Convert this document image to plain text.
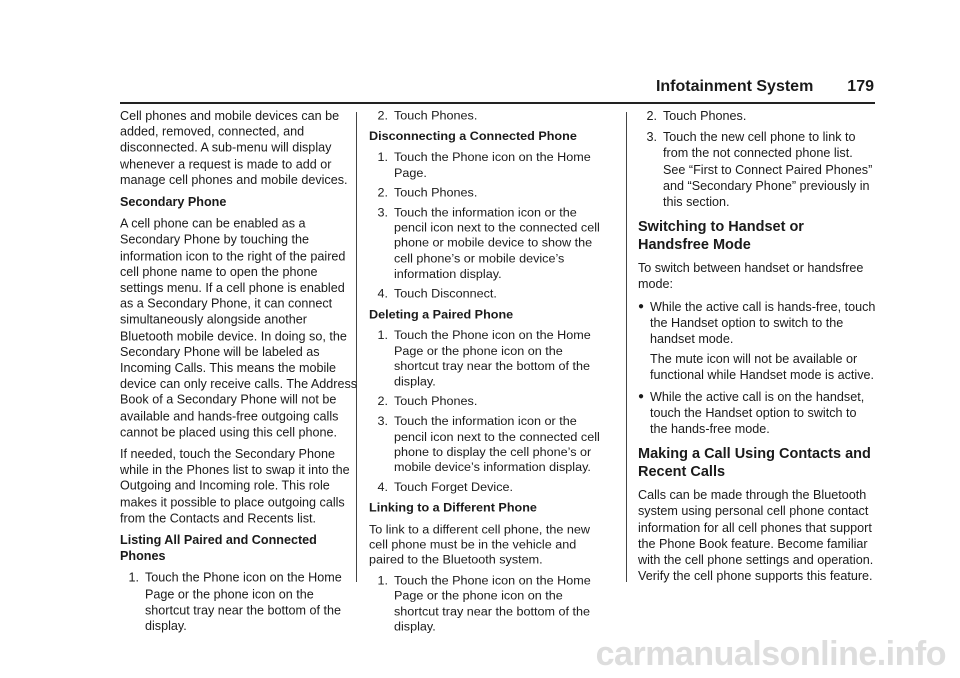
Infotainment System 179

Cell phones and mobile devices can be added, removed, connected, and disconnected. A sub-menu will display whenever a request is made to add or manage cell phones and mobile devices.

Secondary Phone

A cell phone can be enabled as a Secondary Phone by touching the information icon to the right of the paired cell phone name to open the phone settings menu. If a cell phone is enabled as a Secondary Phone, it can connect simultaneously alongside another Bluetooth mobile device. In doing so, the Secondary Phone will be labeled as Incoming Calls. This means the mobile device can only receive calls. The Address Book of a Secondary Phone will not be available and hands-free outgoing calls cannot be placed using this cell phone.

If needed, touch the Secondary Phone while in the Phones list to swap it into the Outgoing and Incoming role. This role makes it possible to place outgoing calls from the Contacts and Recents list.

Listing All Paired and Connected Phones

1. Touch the Phone icon on the Home Page or the phone icon on the shortcut tray near the bottom of the display.
2. Touch Phones.

Disconnecting a Connected Phone

1. Touch the Phone icon on the Home Page.
2. Touch Phones.
3. Touch the information icon or the pencil icon next to the connected cell phone or mobile device to show the cell phone’s or mobile device’s information display.
4. Touch Disconnect.

Deleting a Paired Phone

1. Touch the Phone icon on the Home Page or the phone icon on the shortcut tray near the bottom of the display.
2. Touch Phones.
3. Touch the information icon or the pencil icon next to the connected cell phone to display the cell phone’s or mobile device’s information display.
4. Touch Forget Device.

Linking to a Different Phone

To link to a different cell phone, the new cell phone must be in the vehicle and paired to the Bluetooth system.

1. Touch the Phone icon on the Home Page or the phone icon on the shortcut tray near the bottom of the display.
2. Touch Phones.
3. Touch the new cell phone to link to from the not connected phone list. See “First to Connect Paired Phones” and “Secondary Phone” previously in this section.
Switching to Handset or Handsfree Mode

To switch between handset or handsfree mode:

● While the active call is hands-free, touch the Handset option to switch to the handset mode.
The mute icon will not be available or functional while Handset mode is active.
● While the active call is on the handset, touch the Handset option to switch to the hands-free mode.
Making a Call Using Contacts and Recent Calls

Calls can be made through the Bluetooth system using personal cell phone contact information for all cell phones that support the Phone Book feature. Become familiar with the cell phone settings and operation. Verify the cell phone supports this feature.

carmanualsonline.info
